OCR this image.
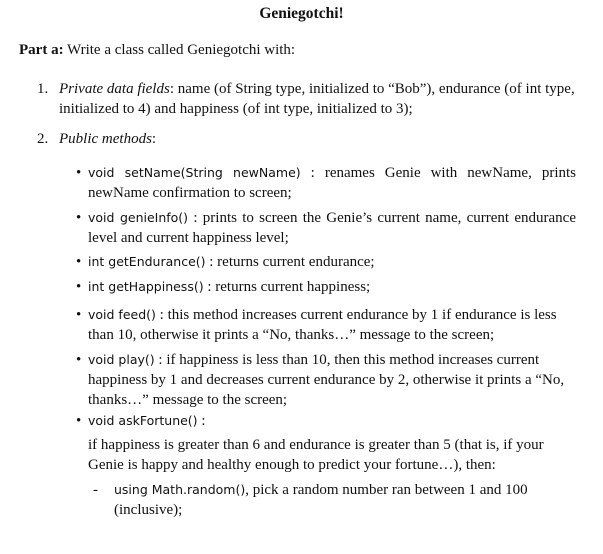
Geniegotchi!
Part a: Write a class called Geniegotchi with:
1. Private data fields: name (of String type, initialized to “Bob”), endurance (of int type, initialized to 4) and happiness (of int type, initialized to 3);
2. Public methods:
• void setName(String newName) : renames Genie with newName, prints newName confirmation to screen;
• void genieInfo() : prints to screen the Genie’s current name, current endurance level and current happiness level;
• int getEndurance() : returns current endurance;
• int getHappiness() : returns current happiness;
• void feed() : this method increases current endurance by 1 if endurance is less than 10, otherwise it prints a “No, thanks…” message to the screen;
• void play() : if happiness is less than 10, then this method increases current happiness by 1 and decreases current endurance by 2, otherwise it prints a “No, thanks…” message to the screen;
• void askFortune() :
if happiness is greater than 6 and endurance is greater than 5 (that is, if your Genie is happy and healthy enough to predict your fortune…), then:
- using Math.random(), pick a random number ran between 1 and 100 (inclusive);
